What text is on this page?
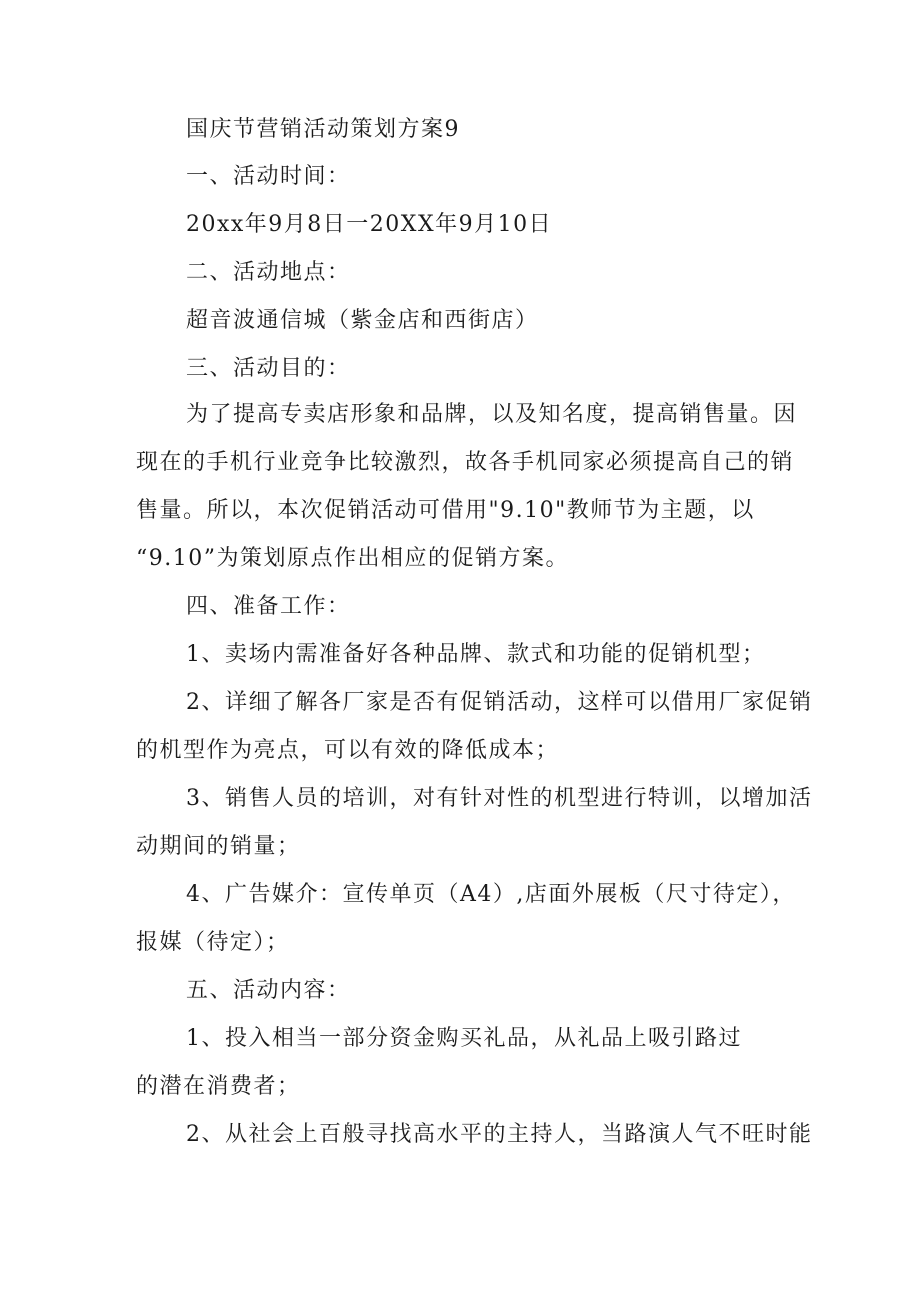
国庆节营销活动策划方案9
一、活动时间：
20xx年9月8日一20XX年9月10日
二、活动地点：
超音波通信城（紫金店和西街店）
三、活动目的：
为了提高专卖店形象和品牌，以及知名度，提高销售量。因
现在的手机行业竞争比较激烈，故各手机同家必须提高自己的销
售量。所以，本次促销活动可借用"9.10"教师节为主题，以
“9.10”为策划原点作出相应的促销方案。
四、准备工作：
1、卖场内需准备好各种品牌、款式和功能的促销机型；
2、详细了解各厂家是否有促销活动，这样可以借用厂家促销
的机型作为亮点，可以有效的降低成本；
3、销售人员的培训，对有针对性的机型进行特训，以增加活
动期间的销量；
4、广告媒介：宣传单页（A4）,店面外展板（尺寸待定），
报媒（待定）；
五、活动内容：
1、投入相当一部分资金购买礼品，从礼品上吸引路过
的潜在消费者；
2、从社会上百般寻找高水平的主持人，当路演人气不旺时能
